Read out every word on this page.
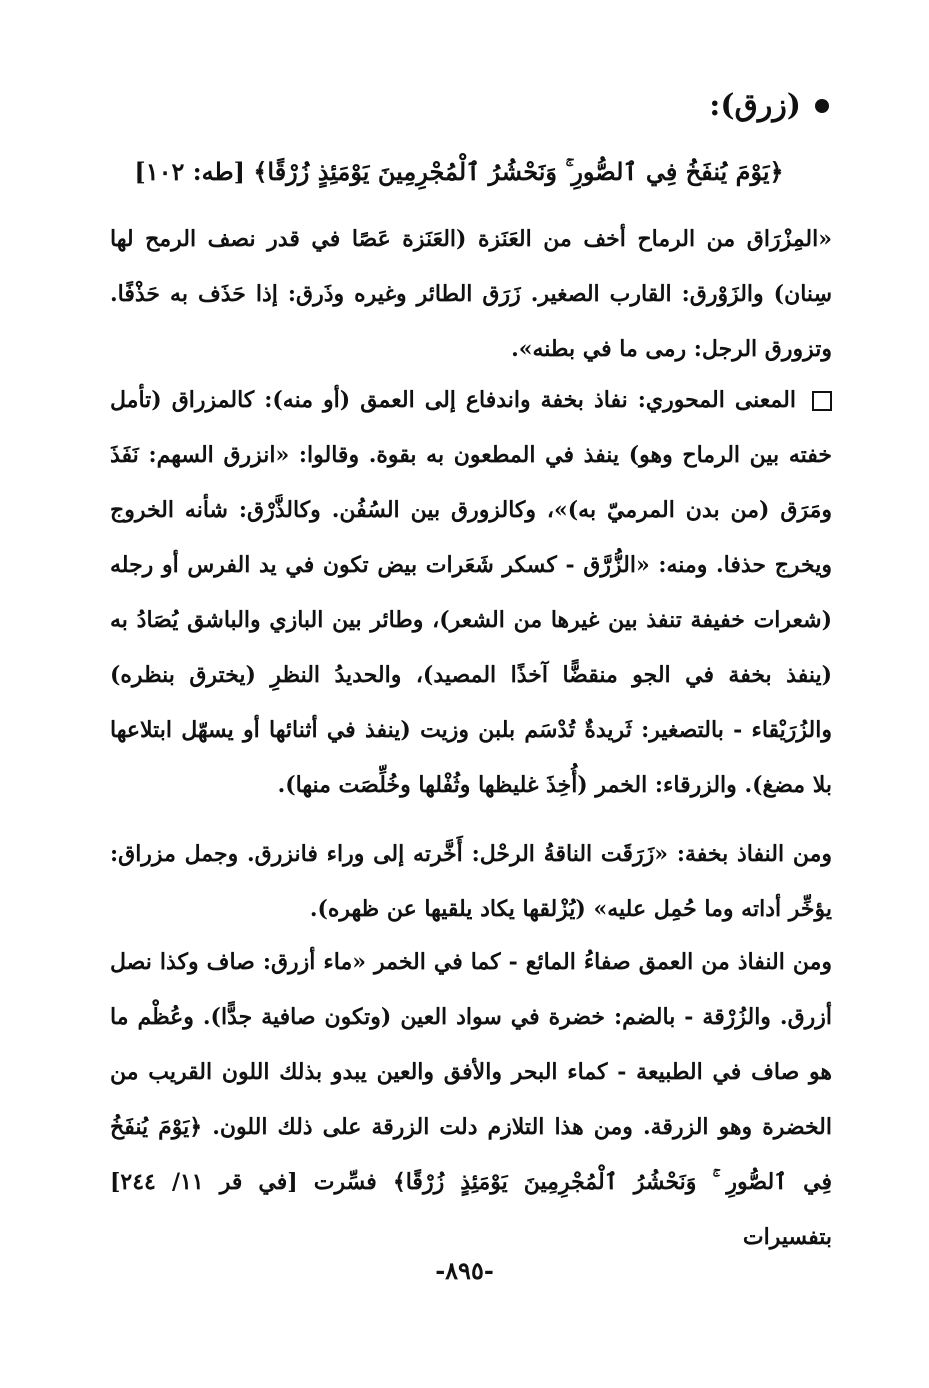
(زرق):
﴿يَوْمَ يُنفَخُ فِي ٱلصُّورِ ۚ وَنَحْشُرُ ٱلْمُجْرِمِينَ يَوْمَئِذٍ زُرْقًا﴾ [طه: ١٠٢]

«المِزْرَاق من الرماح أخف من العَنَزة (العَنَزة عَصًا في قدر نصف الرمح لها سِنان) والزَوْرق: القارب الصغير. زَرَق الطائر وغيره وذَرق: إذا حَذَف به حَذْفًا. وتزورق الرجل: رمى ما في بطنه».

المعنى المحوري: نفاذ بخفة واندفاع إلى العمق (أو منه): كالمزراق (تأمل خفته بين الرماح وهو) ينفذ في المطعون به بقوة. وقالوا: «انزرق السهم: نَفَذَ ومَرَق (من بدن المرميّ به)»، وكالزورق بين السُفُن. وكالذَّرْق: شأنه الخروج ويخرج حذفا. ومنه: «الزُّرَّق - كسكر شَعَرات بيض تكون في يد الفرس أو رجله (شعرات خفيفة تنفذ بين غيرها من الشعر)، وطائر بين البازي والباشق يُصَادُ به (ينفذ بخفة في الجو منقضًّا آخذًا المصيد)، والحديدُ النظرِ (يخترق بنظره) والزُرَيْقاء - بالتصغير: ثَريدةٌ تُدْسَم بلبن وزيت (ينفذ في أثنائها أو يسهّل ابتلاعها بلا مضغ). والزرقاء: الخمر (أُخِذَ غليظها وثُفْلها وخُلِّصَت منها).

ومن النفاذ بخفة: «زَرَقَت الناقةُ الرحْل: أَخَّرته إلى وراء فانزرق. وجمل مزراق: يؤخِّر أداته وما حُمِل عليه» (يُزْلقها يكاد يلقيها عن ظهره).

ومن النفاذ من العمق صفاءُ المائع - كما في الخمر «ماء أزرق: صاف وكذا نصل أزرق. والزُرْقة - بالضم: خضرة في سواد العين (وتكون صافية جدًّا). وعُظْم ما هو صاف في الطبيعة - كماء البحر والأفق والعين يبدو بذلك اللون القريب من الخضرة وهو الزرقة. ومن هذا التلازم دلت الزرقة على ذلك اللون. ﴿يَوْمَ يُنفَخُ فِي ٱلصُّورِ ۚ وَنَحْشُرُ ٱلْمُجْرِمِينَ يَوْمَئِذٍ زُرْقًا﴾ فسِّرت [في قر ١١/ ٢٤٤] بتفسيرات

-٨٩٥-
